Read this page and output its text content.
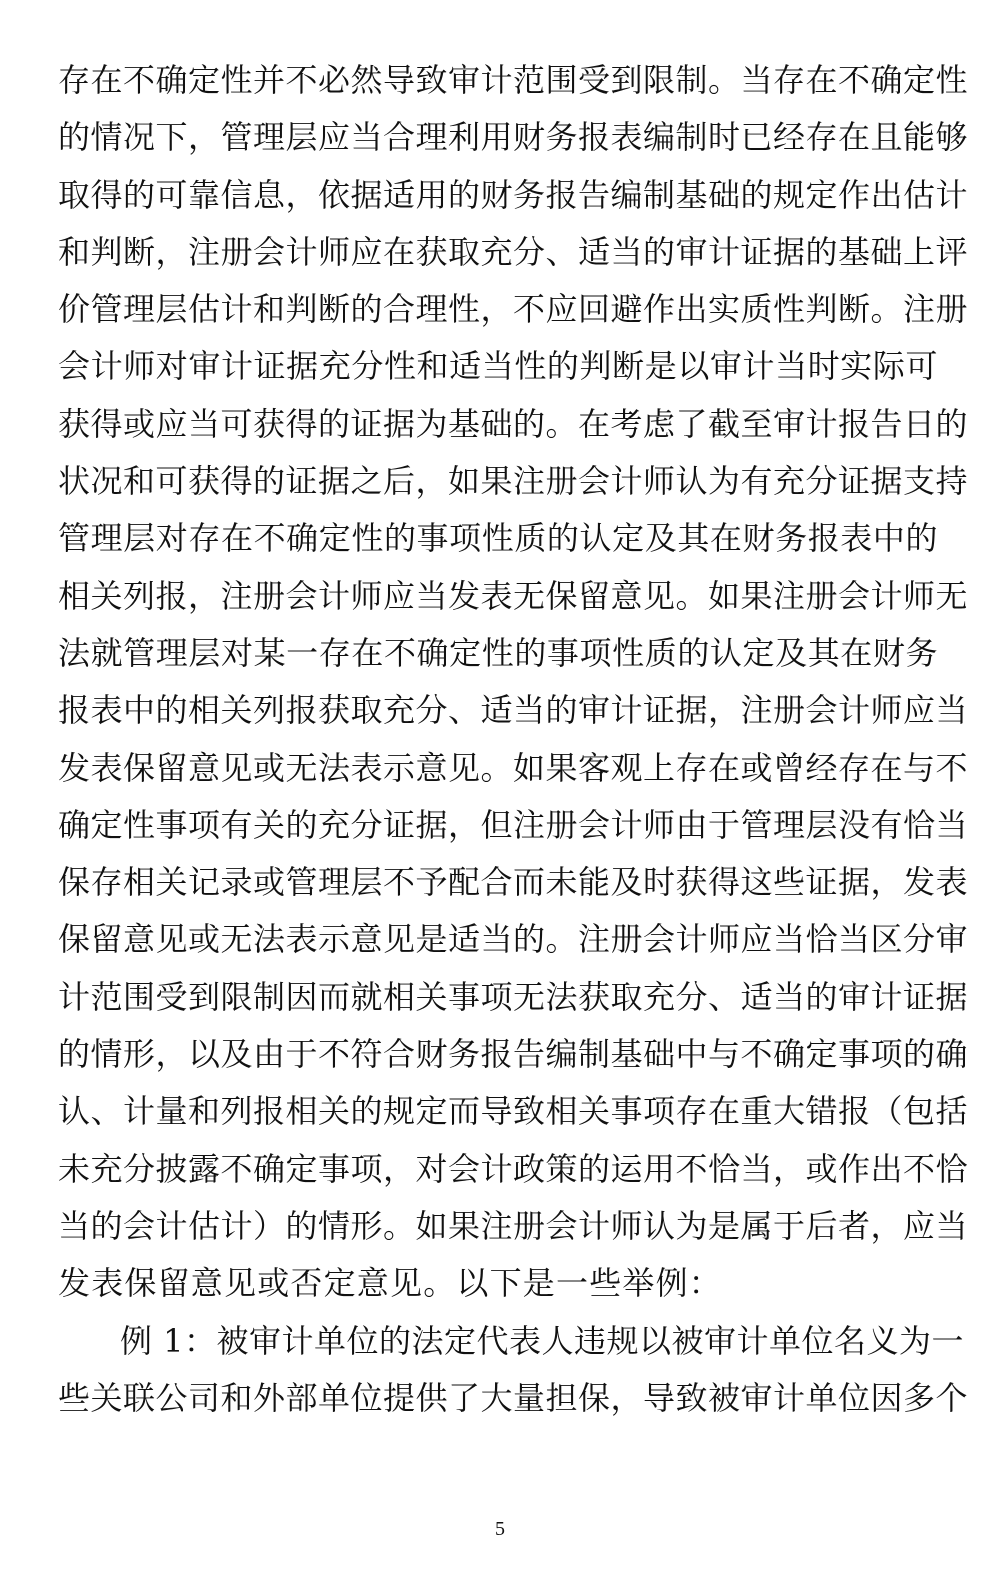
存在不确定性并不必然导致审计范围受到限制。当存在不确定性
的情况下，管理层应当合理利用财务报表编制时已经存在且能够
取得的可靠信息，依据适用的财务报告编制基础的规定作出估计
和判断，注册会计师应在获取充分、适当的审计证据的基础上评
价管理层估计和判断的合理性，不应回避作出实质性判断。注册
会计师对审计证据充分性和适当性的判断是以审计当时实际可
获得或应当可获得的证据为基础的。在考虑了截至审计报告日的
状况和可获得的证据之后，如果注册会计师认为有充分证据支持
管理层对存在不确定性的事项性质的认定及其在财务报表中的
相关列报，注册会计师应当发表无保留意见。如果注册会计师无
法就管理层对某一存在不确定性的事项性质的认定及其在财务
报表中的相关列报获取充分、适当的审计证据，注册会计师应当
发表保留意见或无法表示意见。如果客观上存在或曾经存在与不
确定性事项有关的充分证据，但注册会计师由于管理层没有恰当
保存相关记录或管理层不予配合而未能及时获得这些证据，发表
保留意见或无法表示意见是适当的。注册会计师应当恰当区分审
计范围受到限制因而就相关事项无法获取充分、适当的审计证据
的情形，以及由于不符合财务报告编制基础中与不确定事项的确
认、计量和列报相关的规定而导致相关事项存在重大错报（包括
未充分披露不确定事项，对会计政策的运用不恰当，或作出不恰
当的会计估计）的情形。如果注册会计师认为是属于后者，应当
发表保留意见或否定意见。以下是一些举例：
例 1：被审计单位的法定代表人违规以被审计单位名义为一
些关联公司和外部单位提供了大量担保，导致被审计单位因多个
5
